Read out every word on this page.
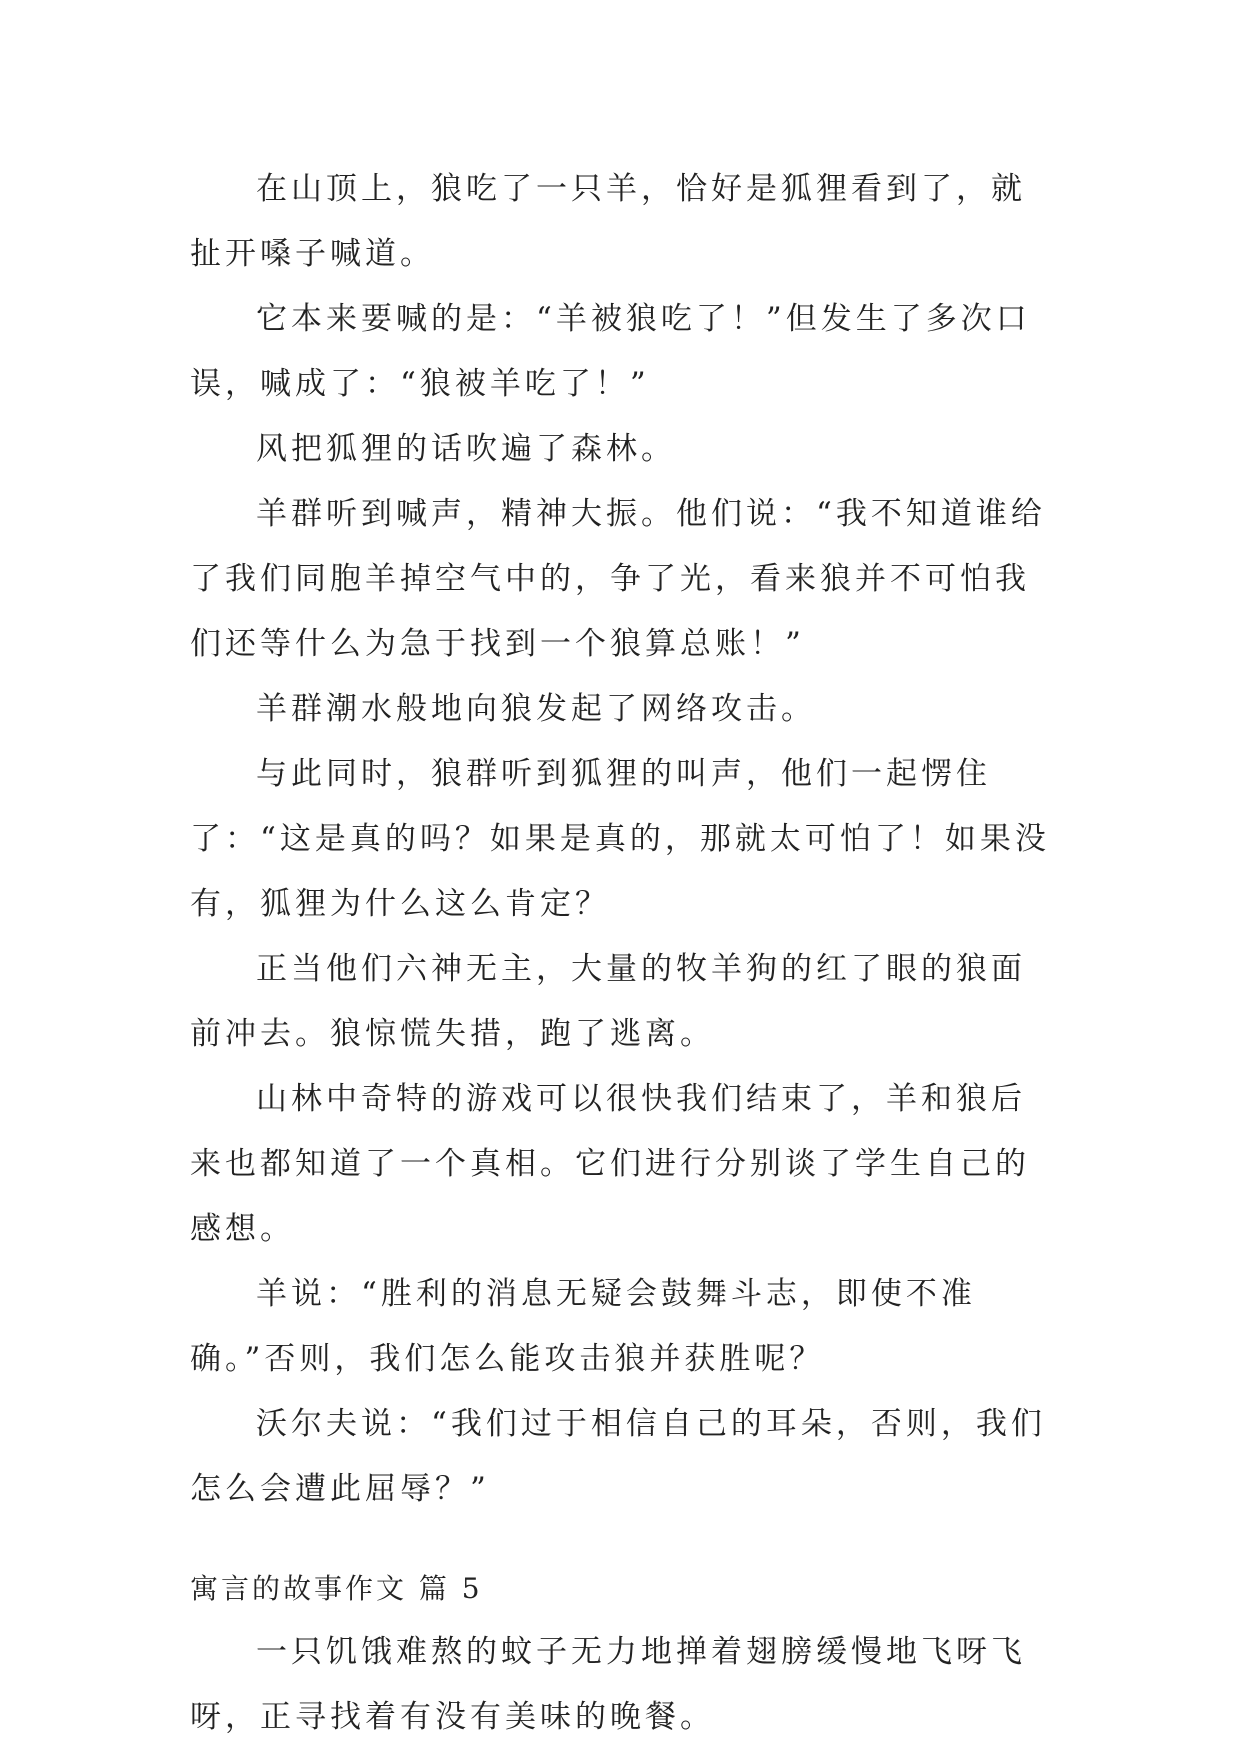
在山顶上，狼吃了一只羊，恰好是狐狸看到了，就扯开嗓子喊道。

它本来要喊的是：“羊被狼吃了！”但发生了多次口误，喊成了：“狼被羊吃了！”

风把狐狸的话吹遍了森林。

羊群听到喊声，精神大振。他们说：“我不知道谁给了我们同胞羊掉空气中的，争了光，看来狼并不可怕我们还等什么为急于找到一个狼算总账！”

羊群潮水般地向狼发起了网络攻击。

与此同时，狼群听到狐狸的叫声，他们一起愣住了：“这是真的吗？如果是真的，那就太可怕了！如果没有，狐狸为什么这么肯定？

正当他们六神无主，大量的牧羊狗的红了眼的狼面前冲去。狼惊慌失措，跑了逃离。

山林中奇特的游戏可以很快我们结束了，羊和狼后来也都知道了一个真相。它们进行分别谈了学生自己的感想。

羊说：“胜利的消息无疑会鼓舞斗志，即使不准确。”否则，我们怎么能攻击狼并获胜呢？

沃尔夫说：“我们过于相信自己的耳朵，否则，我们怎么会遭此屈辱？”

寓言的故事作文 篇 5

一只饥饿难熬的蚊子无力地掸着翅膀缓慢地飞呀飞呀，正寻找着有没有美味的晚餐。
